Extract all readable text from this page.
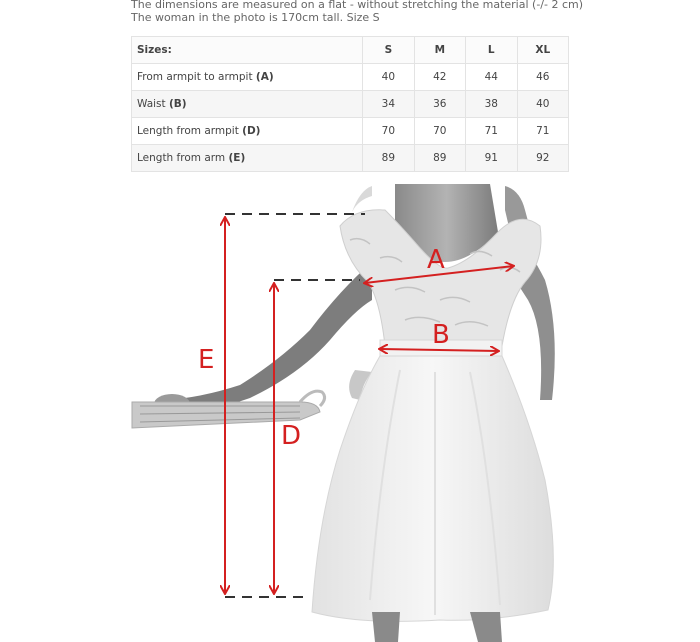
The dimensions are measured on a flat - without stretching the material (-/- 2 cm)
The woman in the photo is 170cm tall. Size S
Sizes:	S	M	L	XL
From armpit to armpit (A)	40	42	44	46
Waist (B)	34	36	38	40
Length from armpit (D)	70	70	71	71
Length from arm (E)	89	89	91	92
A
B
E
D
